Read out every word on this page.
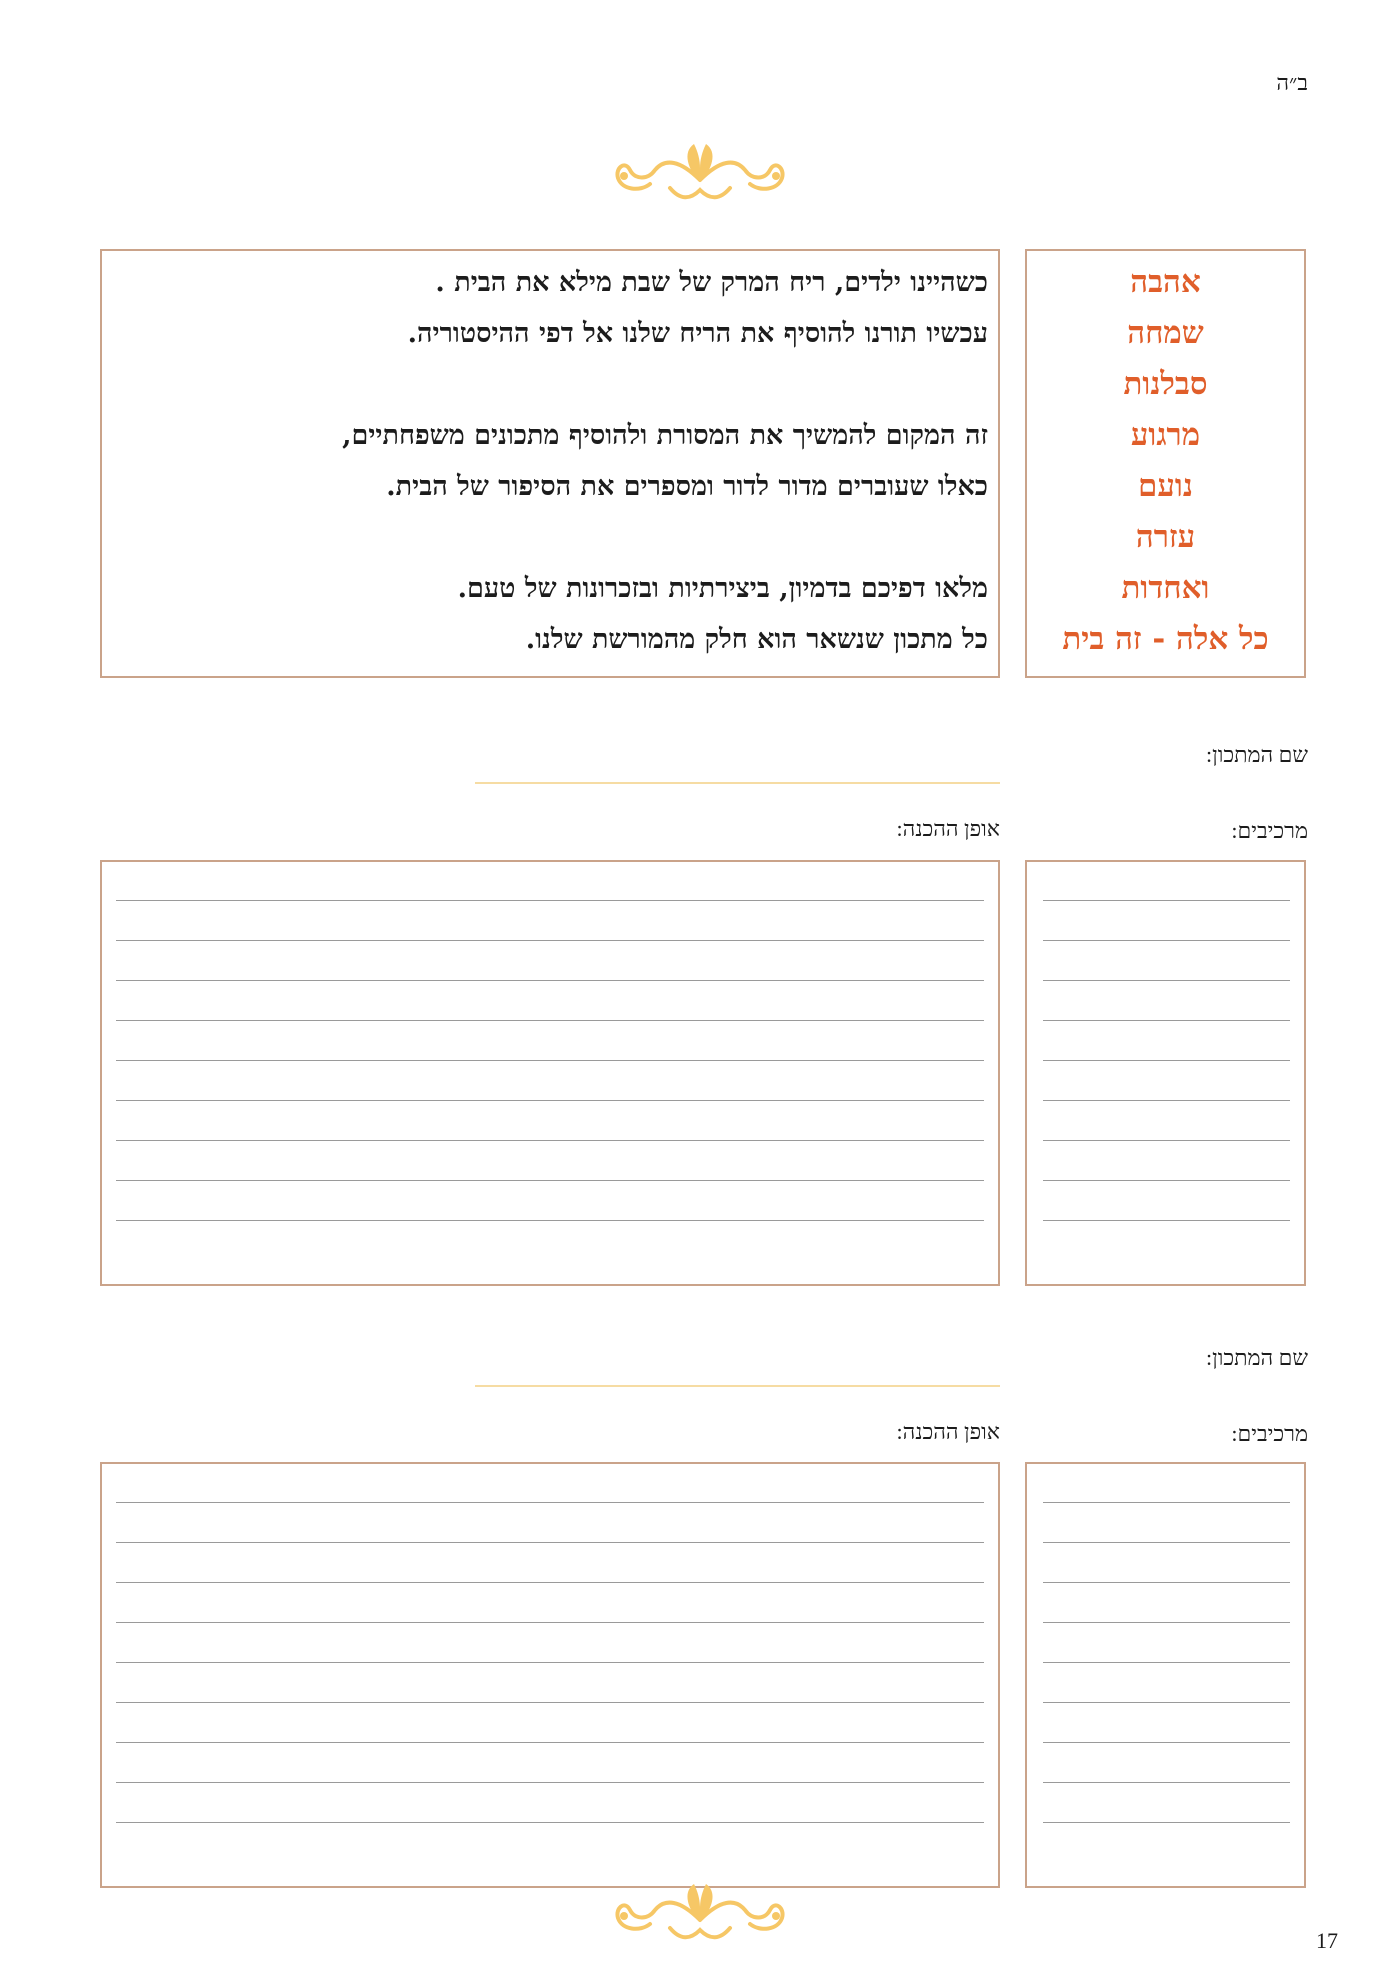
ב״ה
אהבה
שמחה
סבלנות
מרגוע
נועם
עזרה
ואחדות
כל אלה - זה בית
כשהיינו ילדים, ריח המרק של שבת מילא את הבית .
עכשיו תורנו להוסיף את הריח שלנו אל דפי ההיסטוריה.
זה המקום להמשיך את המסורת ולהוסיף מתכונים משפחתיים,
כאלו שעוברים מדור לדור ומספרים את הסיפור של הבית.
מלאו דפיכם בדמיון, ביצירתיות ובזכרונות של טעם.
כל מתכון שנשאר הוא חלק מהמורשת שלנו.
שם המתכון:
מרכיבים:
אופן ההכנה:
שם המתכון:
מרכיבים:
אופן ההכנה:
17
